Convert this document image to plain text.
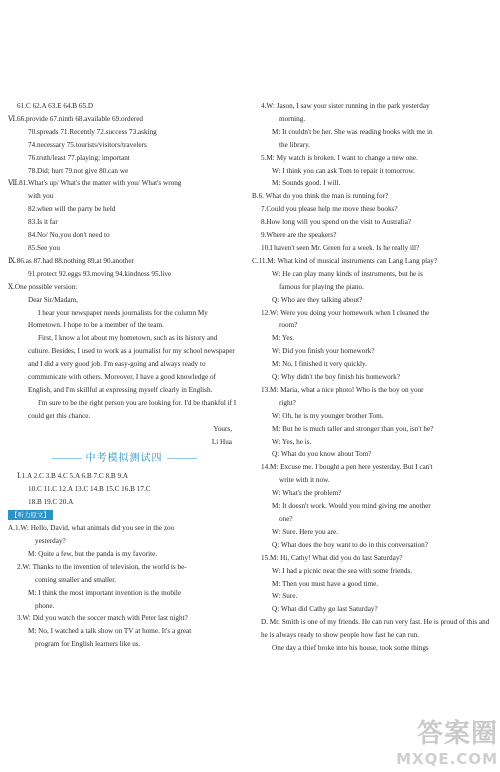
61.C 62.A 63.E 64.B 65.D
Ⅵ.66.provide 67.ninth 68.available 69.ordered
70.spreads 71.Recently 72.success 73.asking
74.necessary 75.tourists/visitors/travelers
76.truth/least 77.playing; important
78.Did; hurt 79.not give 80.can we
Ⅶ.81.What's up/ What's the matter with you/ What's wrong
with you
82.when will the party be held
83.Is it far
84.No/ No,you don't need to
85.See you
Ⅸ.86.as 87.had 88.nothing 89.at 90.another
91.protect 92.eggs 93.moving 94.kindness 95.live
Ⅹ.One possible version:
Dear Sir/Madam,

I hear your newspaper needs journalists for the column My Hometown. I hope to be a member of the team.

First, I know a lot about my hometown, such as its history and culture. Besides, I used to work as a journalist for my school newspaper and I did a very good job. I'm easy-going and always ready to communicate with others. Moreover, I have a good knowledge of English, and I'm skillful at expressing myself clearly in English.

I'm sure to be the right person you are looking for. I'd be thankful if I could get this chance.

Yours,
Li Hua
中考模拟测试四
Ⅰ.1.A 2.C 3.B 4.C 5.A 6.B 7.C 8.B 9.A
10.C 11.C 12.A 13.C 14.B 15.C 16.B 17.C
18.B 19.C 20.A
【听力原文】
A.1.W: Hello, David, what animals did you see in the zoo
yesterday?
M: Quite a few, but the panda is my favorite.
2.W: Thanks to the invention of television, the world is be-
coming smaller and smaller.
M: I think the most important invention is the mobile
phone.
3.W: Did you watch the soccer match with Peter last night?
M: No, I watched a talk show on TV at home. It's a great
program for English learners like us.
4.W: Jason, I saw your sister running in the park yesterday
morning.
M: It couldn't be her. She was reading books with me in
the library.
5.M: My watch is broken. I want to change a new one.
W: I think you can ask Tom to repair it tomorrow.
M: Sounds good. I will.
B.6. What do you think the man is running for?
7.Could you please help me move these books?
8.How long will you spend on the visit to Australia?
9.Where are the speakers?
10.I haven't seen Mr. Green for a week. Is he really ill?
C.11.M: What kind of musical instruments can Lang Lang play?
W: He can play many kinds of instruments, but he is
famous for playing the piano.
Q: Who are they talking about?
12.W: Were you doing your homework when I cleaned the
room?
M: Yes.
W: Did you finish your homework?
M: No, I finished it very quickly.
Q: Why didn't the boy finish his homework?
13.M: Maria, what a nice photo! Who is the boy on your
right?
W: Oh, he is my younger brother Tom.
M: But he is much taller and stronger than you, isn't he?
W: Yes, he is.
Q: What do you know about Tom?
14.M: Excuse me. I bought a pen here yesterday. But I can't
write with it now.
W: What's the problem?
M: It doesn't work. Would you mind giving me another
one?
W: Sure. Here you are.
Q: What does the boy want to do in this conversation?
15.M: Hi, Cathy! What did you do last Saturday?
W: I had a picnic near the sea with some friends.
M: Then you must have a good time.
W: Sure.
Q: What did Cathy go last Saturday?
D. Mr. Smith is one of my friends. He can run very fast. He is proud of this and he is always ready to show people how fast he can run.
One day a thief broke into his house, took some things
答案圈
MXQE.COM
